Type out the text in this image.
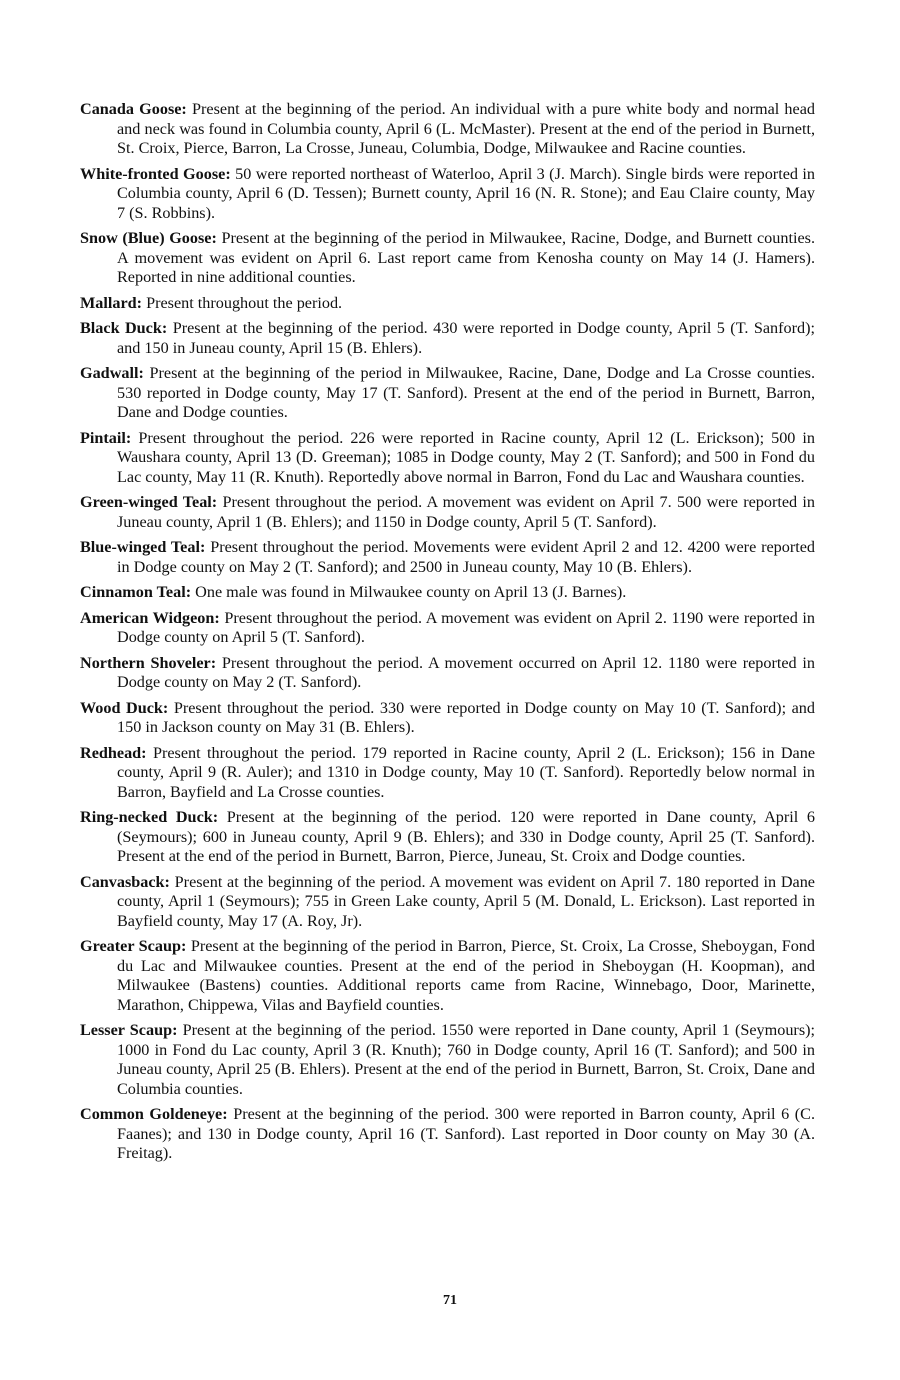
Canada Goose: Present at the beginning of the period. An individual with a pure white body and normal head and neck was found in Columbia county, April 6 (L. McMaster). Present at the end of the period in Burnett, St. Croix, Pierce, Barron, La Crosse, Juneau, Columbia, Dodge, Milwaukee and Racine counties.

White-fronted Goose: 50 were reported northeast of Waterloo, April 3 (J. March). Single birds were reported in Columbia county, April 6 (D. Tessen); Burnett county, April 16 (N. R. Stone); and Eau Claire county, May 7 (S. Robbins).

Snow (Blue) Goose: Present at the beginning of the period in Milwaukee, Racine, Dodge, and Burnett counties. A movement was evident on April 6. Last report came from Kenosha county on May 14 (J. Hamers). Reported in nine additional counties.

Mallard: Present throughout the period.

Black Duck: Present at the beginning of the period. 430 were reported in Dodge county, April 5 (T. Sanford); and 150 in Juneau county, April 15 (B. Ehlers).

Gadwall: Present at the beginning of the period in Milwaukee, Racine, Dane, Dodge and La Crosse counties. 530 reported in Dodge county, May 17 (T. Sanford). Present at the end of the period in Burnett, Barron, Dane and Dodge counties.

Pintail: Present throughout the period. 226 were reported in Racine county, April 12 (L. Erickson); 500 in Waushara county, April 13 (D. Greeman); 1085 in Dodge county, May 2 (T. Sanford); and 500 in Fond du Lac county, May 11 (R. Knuth). Reportedly above normal in Barron, Fond du Lac and Waushara counties.

Green-winged Teal: Present throughout the period. A movement was evident on April 7. 500 were reported in Juneau county, April 1 (B. Ehlers); and 1150 in Dodge county, April 5 (T. Sanford).

Blue-winged Teal: Present throughout the period. Movements were evident April 2 and 12. 4200 were reported in Dodge county on May 2 (T. Sanford); and 2500 in Juneau county, May 10 (B. Ehlers).

Cinnamon Teal: One male was found in Milwaukee county on April 13 (J. Barnes).

American Widgeon: Present throughout the period. A movement was evident on April 2. 1190 were reported in Dodge county on April 5 (T. Sanford).

Northern Shoveler: Present throughout the period. A movement occurred on April 12. 1180 were reported in Dodge county on May 2 (T. Sanford).

Wood Duck: Present throughout the period. 330 were reported in Dodge county on May 10 (T. Sanford); and 150 in Jackson county on May 31 (B. Ehlers).

Redhead: Present throughout the period. 179 reported in Racine county, April 2 (L. Erickson); 156 in Dane county, April 9 (R. Auler); and 1310 in Dodge county, May 10 (T. Sanford). Reportedly below normal in Barron, Bayfield and La Crosse counties.

Ring-necked Duck: Present at the beginning of the period. 120 were reported in Dane county, April 6 (Seymours); 600 in Juneau county, April 9 (B. Ehlers); and 330 in Dodge county, April 25 (T. Sanford). Present at the end of the period in Burnett, Barron, Pierce, Juneau, St. Croix and Dodge counties.

Canvasback: Present at the beginning of the period. A movement was evident on April 7. 180 reported in Dane county, April 1 (Seymours); 755 in Green Lake county, April 5 (M. Donald, L. Erickson). Last reported in Bayfield county, May 17 (A. Roy, Jr).

Greater Scaup: Present at the beginning of the period in Barron, Pierce, St. Croix, La Crosse, Sheboygan, Fond du Lac and Milwaukee counties. Present at the end of the period in Sheboygan (H. Koopman), and Milwaukee (Bastens) counties. Additional reports came from Racine, Winnebago, Door, Marinette, Marathon, Chippewa, Vilas and Bayfield counties.

Lesser Scaup: Present at the beginning of the period. 1550 were reported in Dane county, April 1 (Seymours); 1000 in Fond du Lac county, April 3 (R. Knuth); 760 in Dodge county, April 16 (T. Sanford); and 500 in Juneau county, April 25 (B. Ehlers). Present at the end of the period in Burnett, Barron, St. Croix, Dane and Columbia counties.

Common Goldeneye: Present at the beginning of the period. 300 were reported in Barron county, April 6 (C. Faanes); and 130 in Dodge county, April 16 (T. Sanford). Last reported in Door county on May 30 (A. Freitag).

71
